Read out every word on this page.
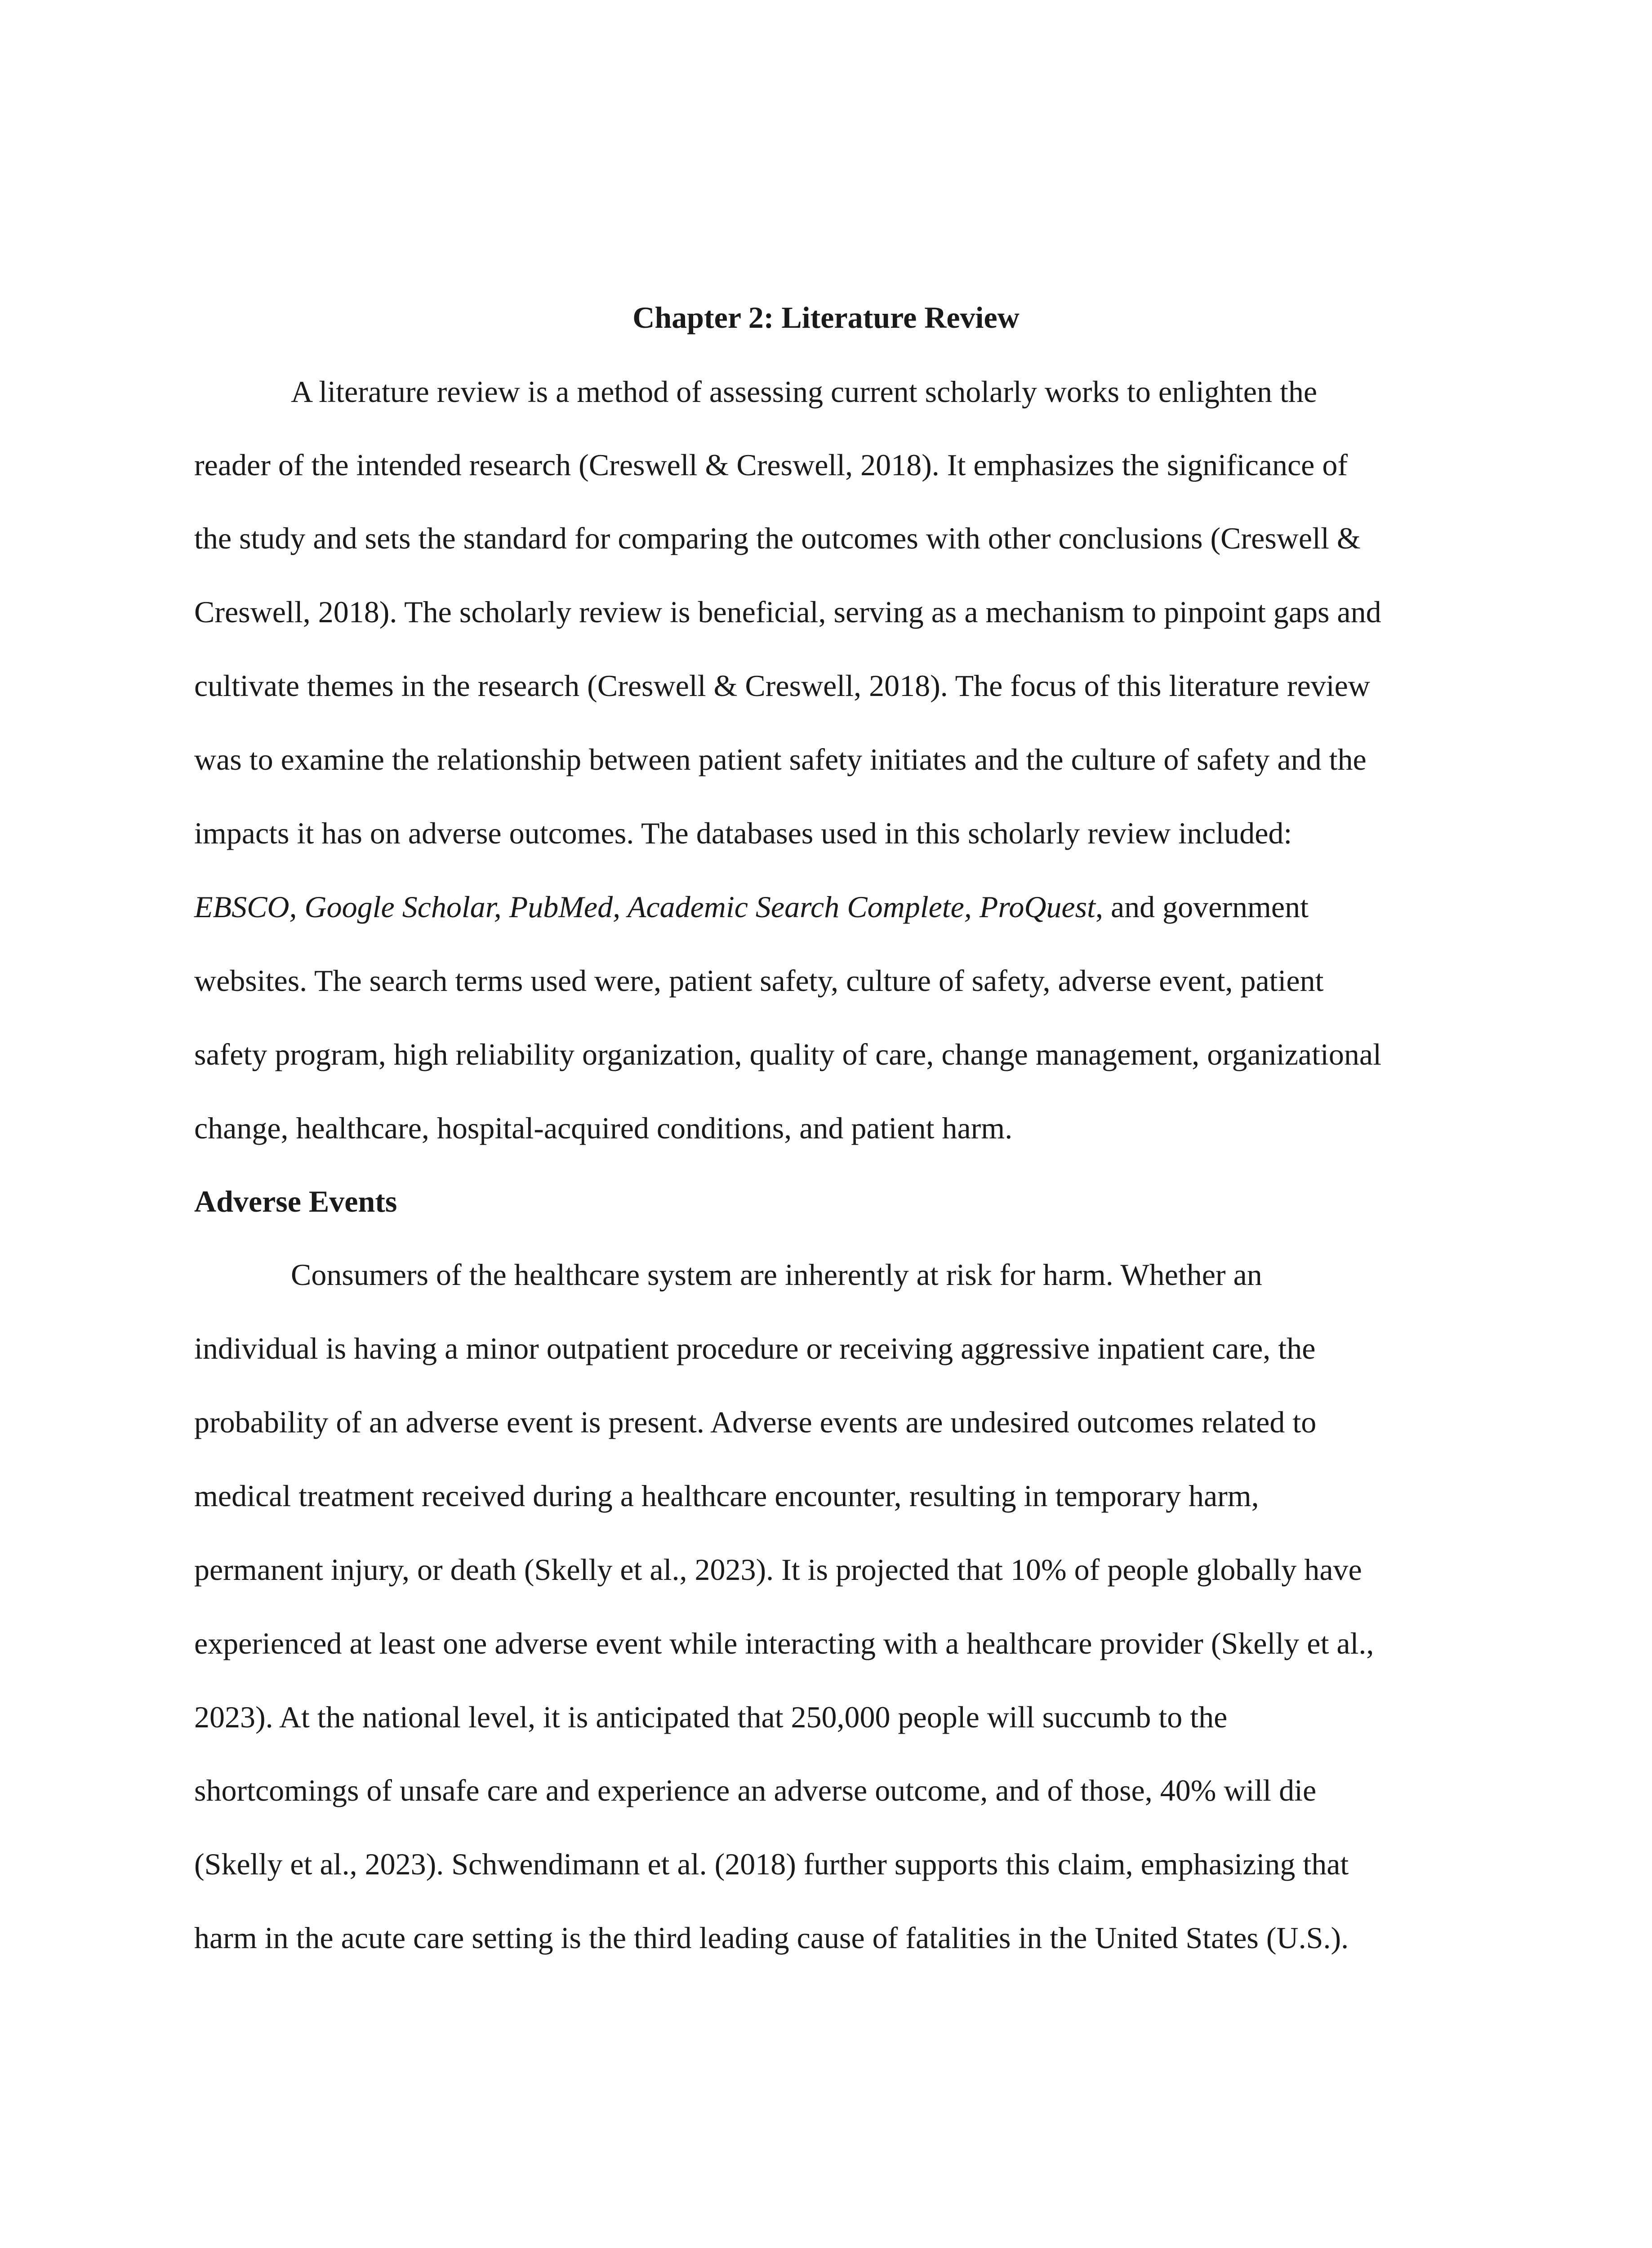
Chapter 2: Literature Review
A literature review is a method of assessing current scholarly works to enlighten the
reader of the intended research (Creswell & Creswell, 2018). It emphasizes the significance of
the study and sets the standard for comparing the outcomes with other conclusions (Creswell &
Creswell, 2018). The scholarly review is beneficial, serving as a mechanism to pinpoint gaps and
cultivate themes in the research (Creswell & Creswell, 2018). The focus of this literature review
was to examine the relationship between patient safety initiates and the culture of safety and the
impacts it has on adverse outcomes. The databases used in this scholarly review included:
EBSCO, Google Scholar, PubMed, Academic Search Complete, ProQuest, and government
websites. The search terms used were, patient safety, culture of safety, adverse event, patient
safety program, high reliability organization, quality of care, change management, organizational
change, healthcare, hospital-acquired conditions, and patient harm.
Adverse Events
Consumers of the healthcare system are inherently at risk for harm. Whether an
individual is having a minor outpatient procedure or receiving aggressive inpatient care, the
probability of an adverse event is present. Adverse events are undesired outcomes related to
medical treatment received during a healthcare encounter, resulting in temporary harm,
permanent injury, or death (Skelly et al., 2023). It is projected that 10% of people globally have
experienced at least one adverse event while interacting with a healthcare provider (Skelly et al.,
2023). At the national level, it is anticipated that 250,000 people will succumb to the
shortcomings of unsafe care and experience an adverse outcome, and of those, 40% will die
(Skelly et al., 2023). Schwendimann et al. (2018) further supports this claim, emphasizing that
harm in the acute care setting is the third leading cause of fatalities in the United States (U.S.).
